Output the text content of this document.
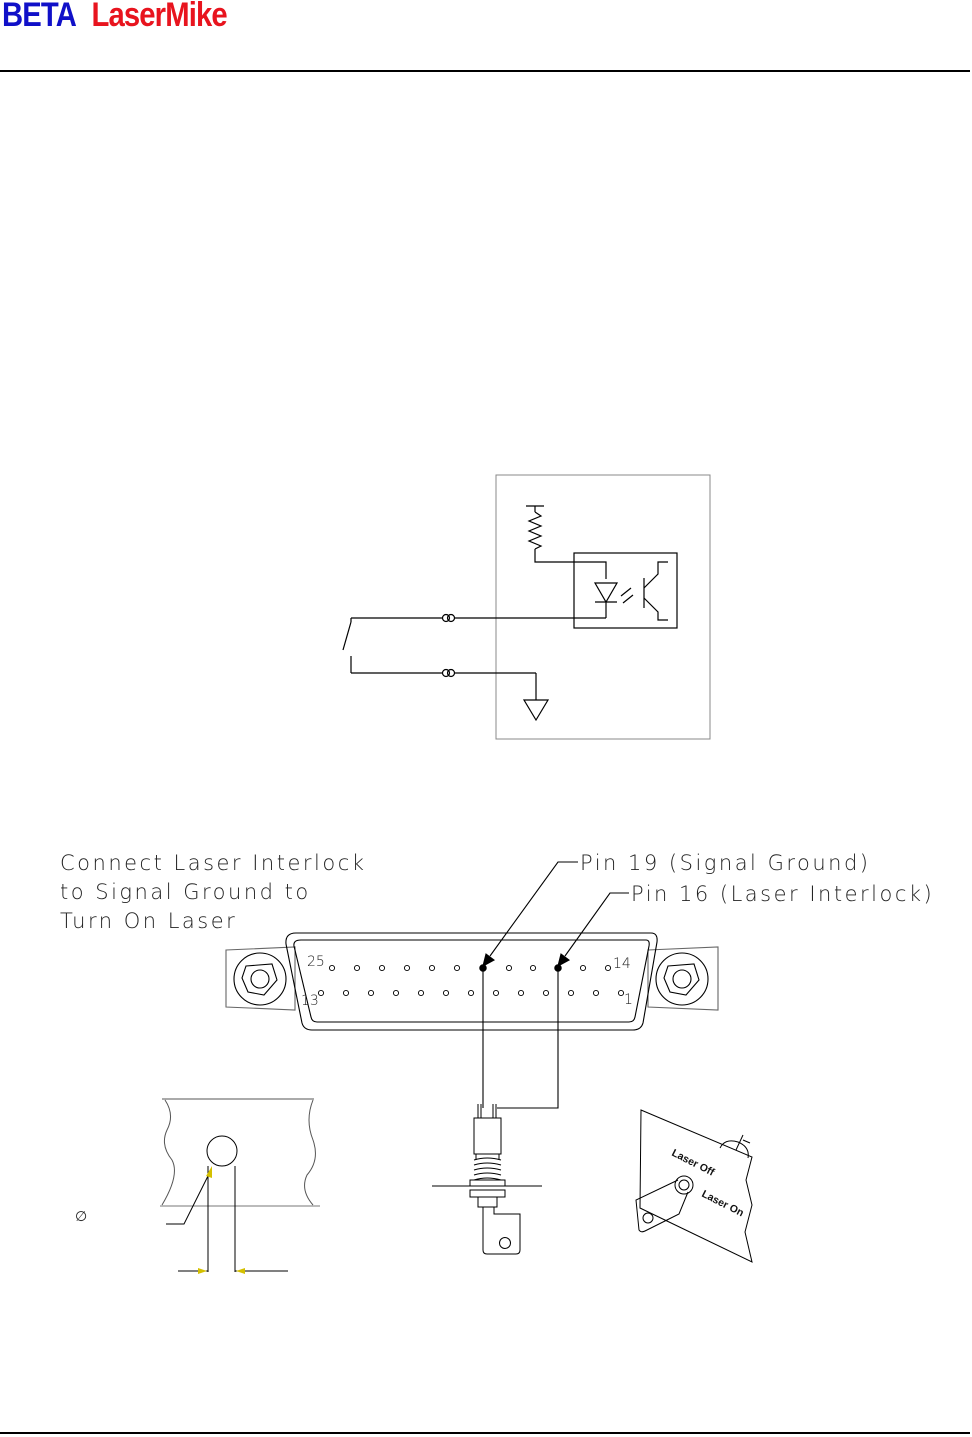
BETA LaserMike
25	14
13	1
Laser Off
Laser On
∅
Connect Laser Interlock
to Signal Ground to
Turn On Laser
Pin 19 (Signal Ground)
Pin 16 (Laser Interlock)
